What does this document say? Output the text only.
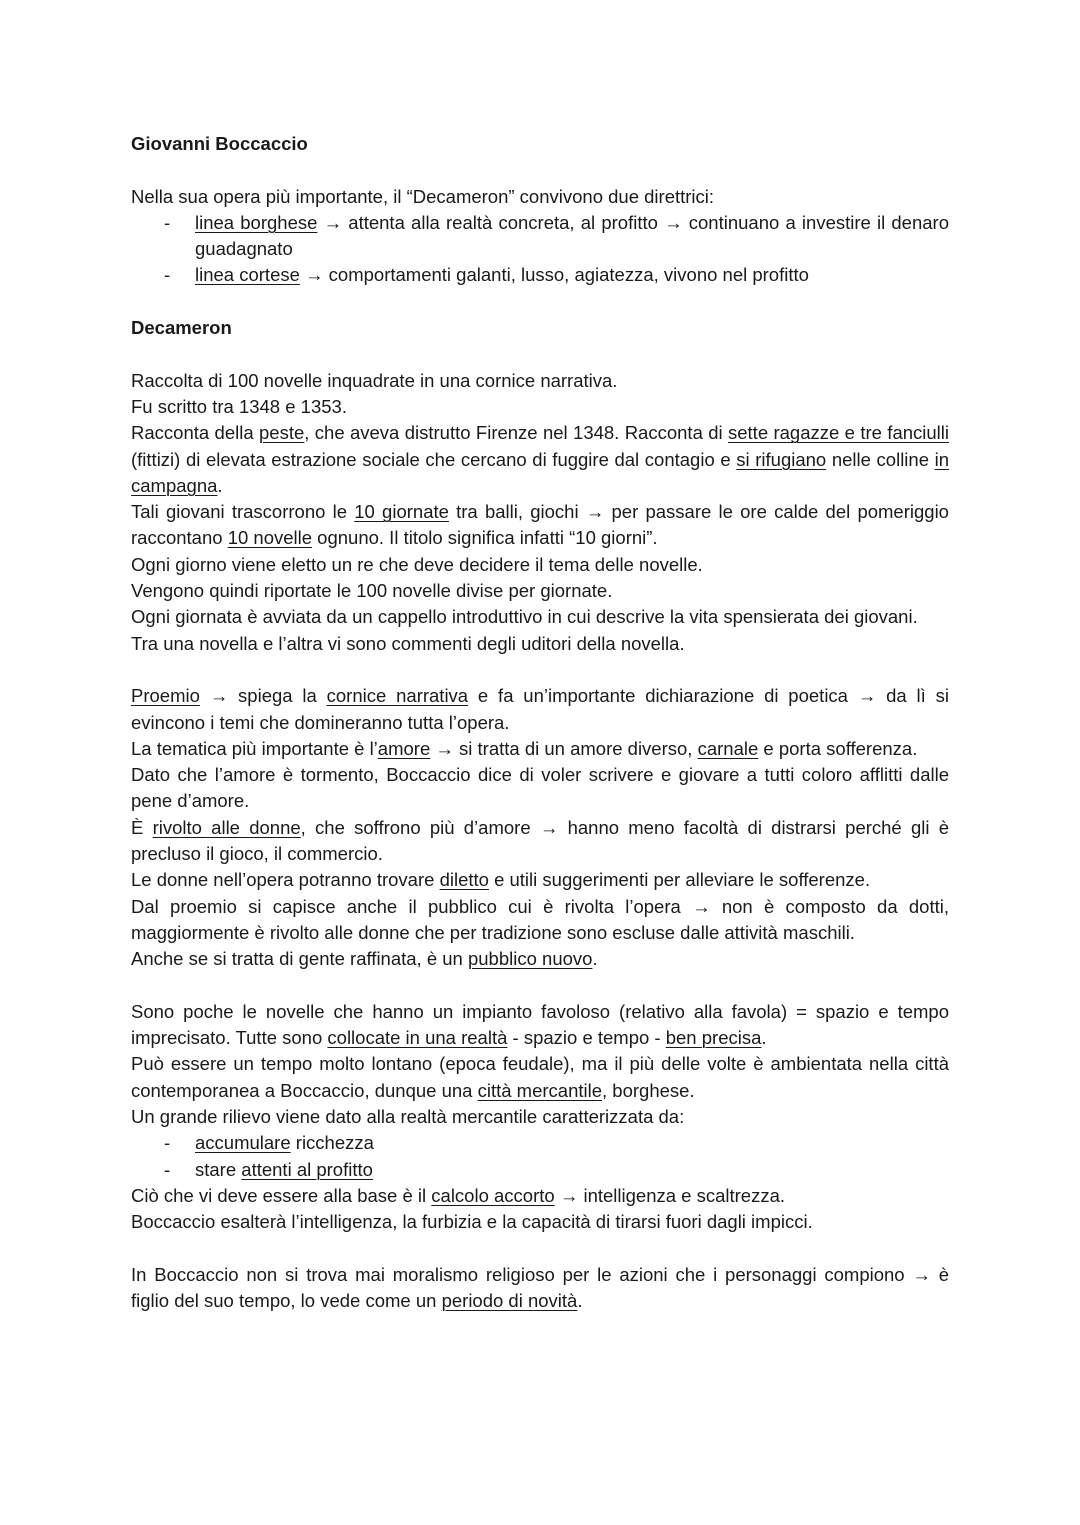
Giovanni Boccaccio
Nella sua opera più importante, il “Decameron” convivono due direttrici:
- linea borghese → attenta alla realtà concreta, al profitto → continuano a investire il denaro guadagnato
- linea cortese → comportamenti galanti, lusso, agiatezza, vivono nel profitto
Decameron
Raccolta di 100 novelle inquadrate in una cornice narrativa.
Fu scritto tra 1348 e 1353.
Racconta della peste, che aveva distrutto Firenze nel 1348. Racconta di sette ragazze e tre fanciulli (fittizi) di elevata estrazione sociale che cercano di fuggire dal contagio e si rifugiano nelle colline in campagna.
Tali giovani trascorrono le 10 giornate tra balli, giochi → per passare le ore calde del pomeriggio raccontano 10 novelle ognuno. Il titolo significa infatti “10 giorni”.
Ogni giorno viene eletto un re che deve decidere il tema delle novelle.
Vengono quindi riportate le 100 novelle divise per giornate.
Ogni giornata è avviata da un cappello introduttivo in cui descrive la vita spensierata dei giovani.
Tra una novella e l’altra vi sono commenti degli uditori della novella.
Proemio → spiega la cornice narrativa e fa un’importante dichiarazione di poetica → da lì si evincono i temi che domineranno tutta l’opera.
La tematica più importante è l’amore → si tratta di un amore diverso, carnale e porta sofferenza.
Dato che l’amore è tormento, Boccaccio dice di voler scrivere e giovare a tutti coloro afflitti dalle pene d’amore.
È rivolto alle donne, che soffrono più d’amore → hanno meno facoltà di distrarsi perché gli è precluso il gioco, il commercio.
Le donne nell’opera potranno trovare diletto e utili suggerimenti per alleviare le sofferenze.
Dal proemio si capisce anche il pubblico cui è rivolta l’opera → non è composto da dotti, maggiormente è rivolto alle donne che per tradizione sono escluse dalle attività maschili.
Anche se si tratta di gente raffinata, è un pubblico nuovo.
Sono poche le novelle che hanno un impianto favoloso (relativo alla favola) = spazio e tempo imprecisato. Tutte sono collocate in una realtà - spazio e tempo - ben precisa.
Può essere un tempo molto lontano (epoca feudale), ma il più delle volte è ambientata nella città contemporanea a Boccaccio, dunque una città mercantile, borghese.
Un grande rilievo viene dato alla realtà mercantile caratterizzata da:
- accumulare ricchezza
- stare attenti al profitto
Ciò che vi deve essere alla base è il calcolo accorto → intelligenza e scaltrezza.
Boccaccio esalterà l’intelligenza, la furbizia e la capacità di tirarsi fuori dagli impicci.
In Boccaccio non si trova mai moralismo religioso per le azioni che i personaggi compiono → è figlio del suo tempo, lo vede come un periodo di novità.
